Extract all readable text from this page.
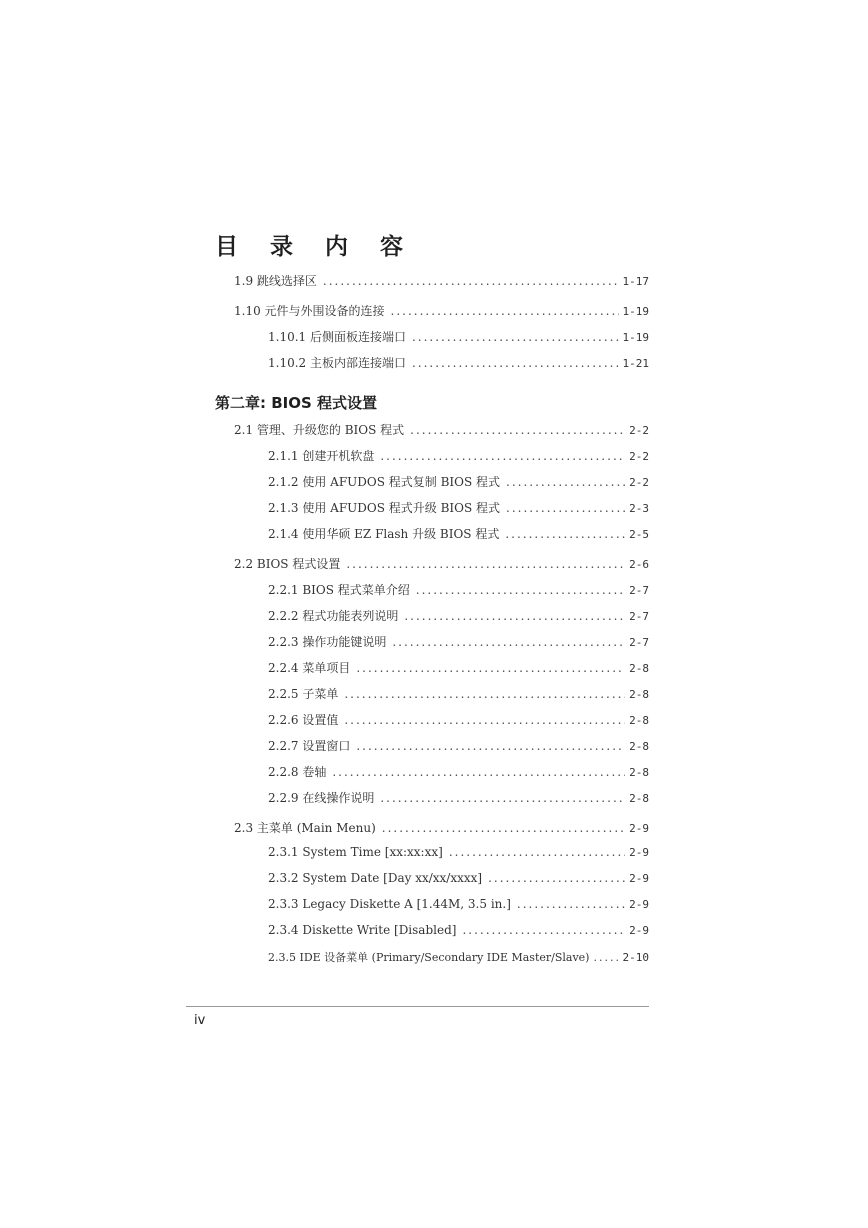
目 录 内 容
1.9 跳线选择区 .....	1-17
1.10 元件与外围设备的连接 .....	1-19
1.10.1 后侧面板连接端口 .....	1-19
1.10.2 主板内部连接端口 .....	1-21
第二章: BIOS 程式设置
2.1 管理、升级您的 BIOS 程式 .....	2-2
2.1.1 创建开机软盘 .....	2-2
2.1.2 使用 AFUDOS 程式复制 BIOS 程式 .....	2-2
2.1.3 使用 AFUDOS 程式升级 BIOS 程式 .....	2-3
2.1.4 使用华硕 EZ Flash 升级 BIOS 程式 .....	2-5
2.2 BIOS 程式设置 .....	2-6
2.2.1 BIOS 程式菜单介绍 .....	2-7
2.2.2 程式功能表列说明 .....	2-7
2.2.3 操作功能键说明 .....	2-7
2.2.4 菜单项目 .....	2-8
2.2.5 子菜单 .....	2-8
2.2.6 设置值 .....	2-8
2.2.7 设置窗口 .....	2-8
2.2.8 卷轴 .....	2-8
2.2.9 在线操作说明 .....	2-8
2.3 主菜单 (Main Menu) .....	2-9
2.3.1 System Time [xx:xx:xx] .....	2-9
2.3.2 System Date [Day xx/xx/xxxx] .....	2-9
2.3.3 Legacy Diskette A [1.44M, 3.5 in.] .....	2-9
2.3.4 Diskette Write [Disabled] .....	2-9
2.3.5 IDE 设备菜单 (Primary/Secondary IDE Master/Slave) .....	2-10
iv
